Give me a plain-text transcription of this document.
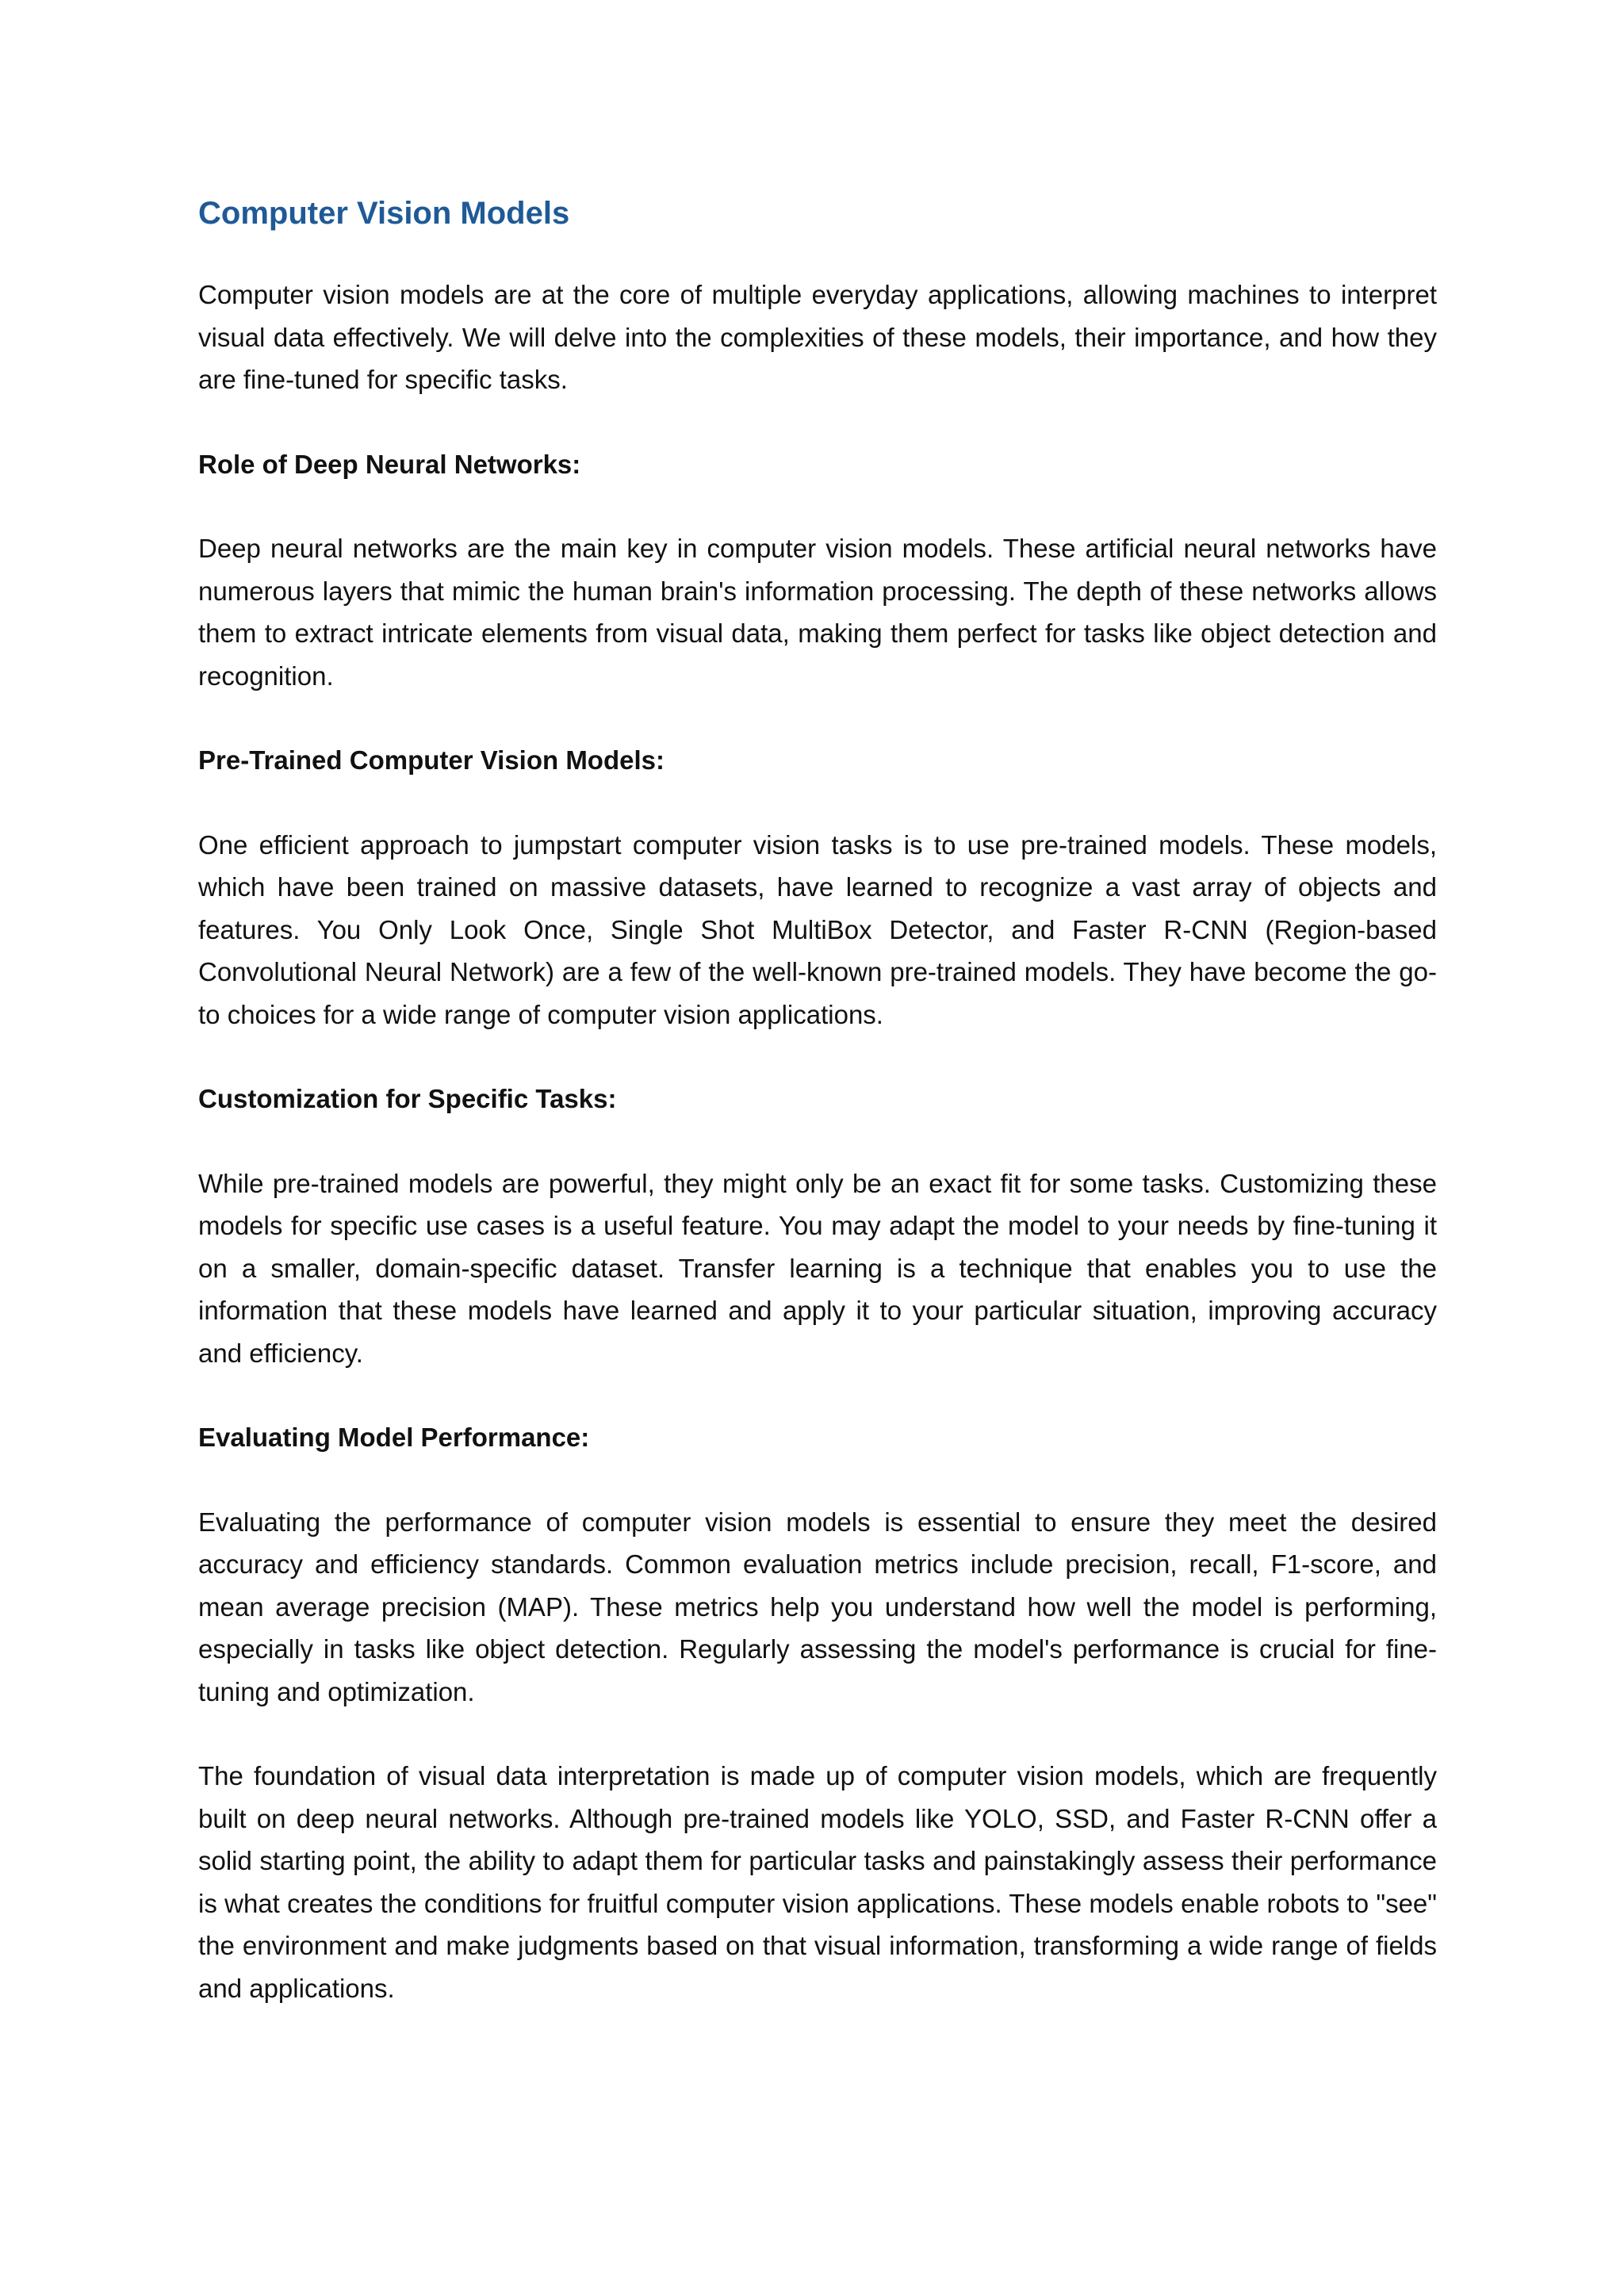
Computer Vision Models

Computer vision models are at the core of multiple everyday applications, allowing machines to interpret visual data effectively. We will delve into the complexities of these models, their importance, and how they are fine-tuned for specific tasks.

Role of Deep Neural Networks:

Deep neural networks are the main key in computer vision models. These artificial neural networks have numerous layers that mimic the human brain's information processing. The depth of these networks allows them to extract intricate elements from visual data, making them perfect for tasks like object detection and recognition.

Pre-Trained Computer Vision Models:

One efficient approach to jumpstart computer vision tasks is to use pre-trained models. These models, which have been trained on massive datasets, have learned to recognize a vast array of objects and features. You Only Look Once, Single Shot MultiBox Detector, and Faster R-CNN (Region-based Convolutional Neural Network) are a few of the well-known pre-trained models. They have become the go-to choices for a wide range of computer vision applications.

Customization for Specific Tasks:

While pre-trained models are powerful, they might only be an exact fit for some tasks. Customizing these models for specific use cases is a useful feature. You may adapt the model to your needs by fine-tuning it on a smaller, domain-specific dataset. Transfer learning is a technique that enables you to use the information that these models have learned and apply it to your particular situation, improving accuracy and efficiency.

Evaluating Model Performance:

Evaluating the performance of computer vision models is essential to ensure they meet the desired accuracy and efficiency standards. Common evaluation metrics include precision, recall, F1-score, and mean average precision (MAP). These metrics help you understand how well the model is performing, especially in tasks like object detection. Regularly assessing the model's performance is crucial for fine-tuning and optimization.

The foundation of visual data interpretation is made up of computer vision models, which are frequently built on deep neural networks. Although pre-trained models like YOLO, SSD, and Faster R-CNN offer a solid starting point, the ability to adapt them for particular tasks and painstakingly assess their performance is what creates the conditions for fruitful computer vision applications. These models enable robots to "see" the environment and make judgments based on that visual information, transforming a wide range of fields and applications.
